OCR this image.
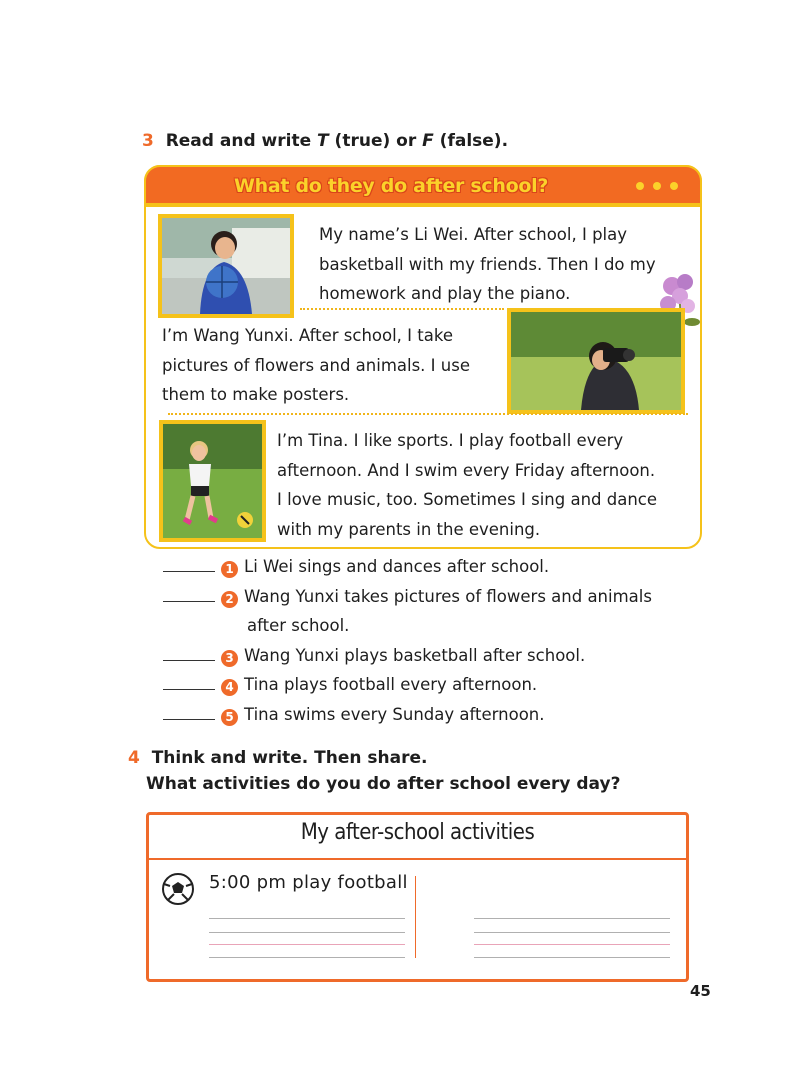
3 Read and write T (true) or F (false).
What do they do after school?
My name’s Li Wei. After school, I play
basketball with my friends. Then I do my
homework and play the piano.
I’m Wang Yunxi. After school, I take
pictures of flowers and animals. I use
them to make posters.
I’m Tina. I like sports. I play football every
afternoon. And I swim every Friday afternoon.
I love music, too. Sometimes I sing and dance
with my parents in the evening.
1 Li Wei sings and dances after school.
2 Wang Yunxi takes pictures of flowers and animals
after school.
3 Wang Yunxi plays basketball after school.
4 Tina plays football every afternoon.
5 Tina swims every Sunday afternoon.
4 Think and write. Then share.
What activities do you do after school every day?
My after-school activities
5:00 pm play football
45
